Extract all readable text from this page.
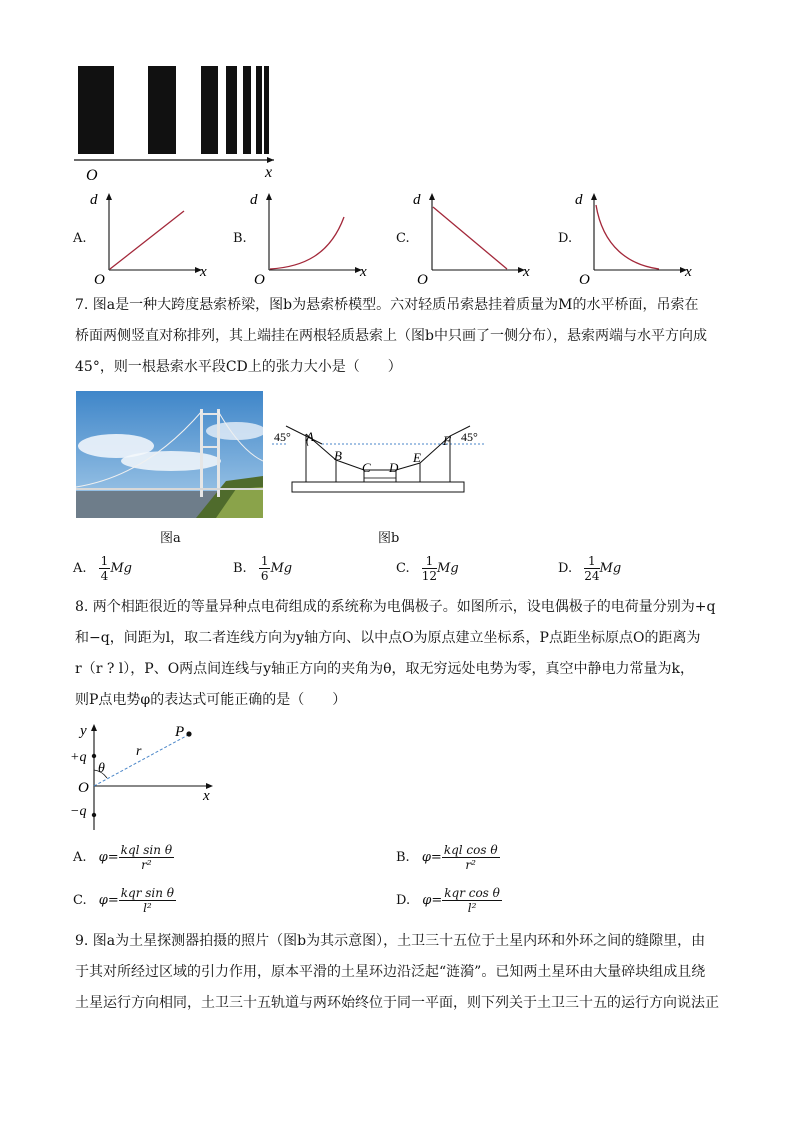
O	x
A.
d
O	x
B.
d
O	x
C.
d
O	x
D.
d
O	x
7. 图a是一种大跨度悬索桥梁，图b为悬索桥模型。六对轻质吊索悬挂着质量为M的水平桥面，吊索在
桥面两侧竖直对称排列，其上端挂在两根轻质悬索上（图b中只画了一侧分布），悬索两端与水平方向成
45°，则一根悬索水平段CD上的张力大小是（　　）
图a
45° A
B
C D
E
F 45°
图b
A. $\frac{1}{4}$ Mg	B. $\frac{1}{6}$ Mg	C. $\frac{1}{12}$ Mg	D. $\frac{1}{24}$ Mg
8. 两个相距很近的等量异种点电荷组成的系统称为电偶极子。如图所示，设电偶极子的电荷量分别为+q
和−q，间距为l，取二者连线方向为y轴方向、以中点O为原点建立坐标系，P点距坐标原点O的距离为
r（r ? l），P、O两点间连线与y轴正方向的夹角为θ，取无穷远处电势为零，真空中静电力常量为k，
则P点电势φ的表达式可能正确的是（　　）
y
+q
θ
r
P
O	x
−q
A. $\varphi= \frac{\text{kql sin θ}}{\text{r²}}$	B. $\varphi= \frac{\text{kql cos θ}}{\text{r²}}$
C. $\varphi= \frac{\text{kqr sin θ}}{\text{l²}}$	D. $\varphi= \frac{\text{kqr cos θ}}{\text{l²}}$
9. 图a为土星探测器拍摄的照片（图b为其示意图），土卫三十五位于土星内环和外环之间的缝隙里，由
于其对所经过区域的引力作用，原本平滑的土星环边沿泛起“涟漪”。已知两土星环由大量碎块组成且绕
土星运行方向相同，土卫三十五轨道与两环始终位于同一平面，则下列关于土卫三十五的运行方向说法正
